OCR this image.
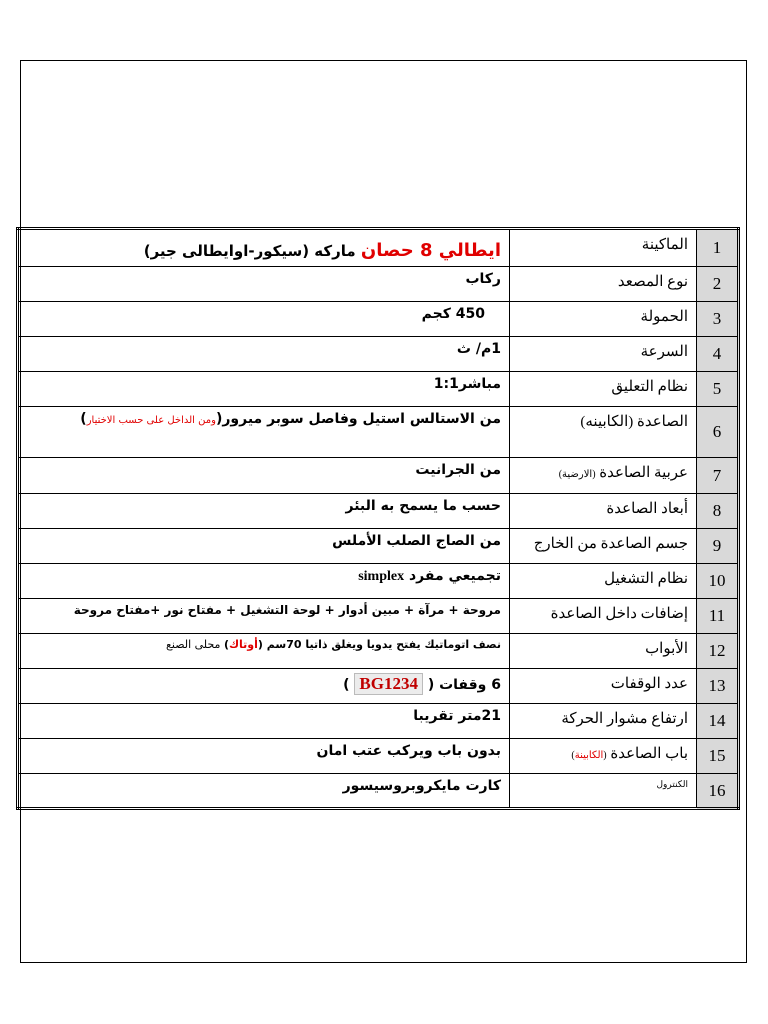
1	الماكينة	ايطالي 8 حصان ماركه (سيكور-اوايطالى جير)
2	نوع المصعد	ركاب
3	الحمولة	450 كجم
4	السرعة	1م/ ث
5	نظام التعليق	مباشر1:1
6	الصاعدة (الكابينه)	من الاستالس استيل وفاصل سوبر ميرور(ومن الداخل على حسب الاختيار)
7	عربية الصاعدة (الارضية)	من الجرانيت
8	أبعاد الصاعدة	حسب ما يسمح به البئر
9	جسم الصاعدة من الخارج	من الصاج الصلب الأملس
10	نظام التشغيل	تجميعي مفرد simplex
11	إضافات داخل الصاعدة	مروحة + مرآة + مبين أدوار + لوحة التشغيل + مفتاح نور +مفتاح مروحة
12	الأبواب	نصف اتوماتيك يفتح يدويا ويغلق ذاتيا 70سم (أوتاك) محلى الصنع
13	عدد الوقفات	6 وقفات ( BG1234 )
14	ارتفاع مشوار الحركة	21متر تقريبا
15	باب الصاعدة (الكابينة)	بدون باب ويركب عتب امان
16	الكنترول	كارت مايكروبروسيسور
